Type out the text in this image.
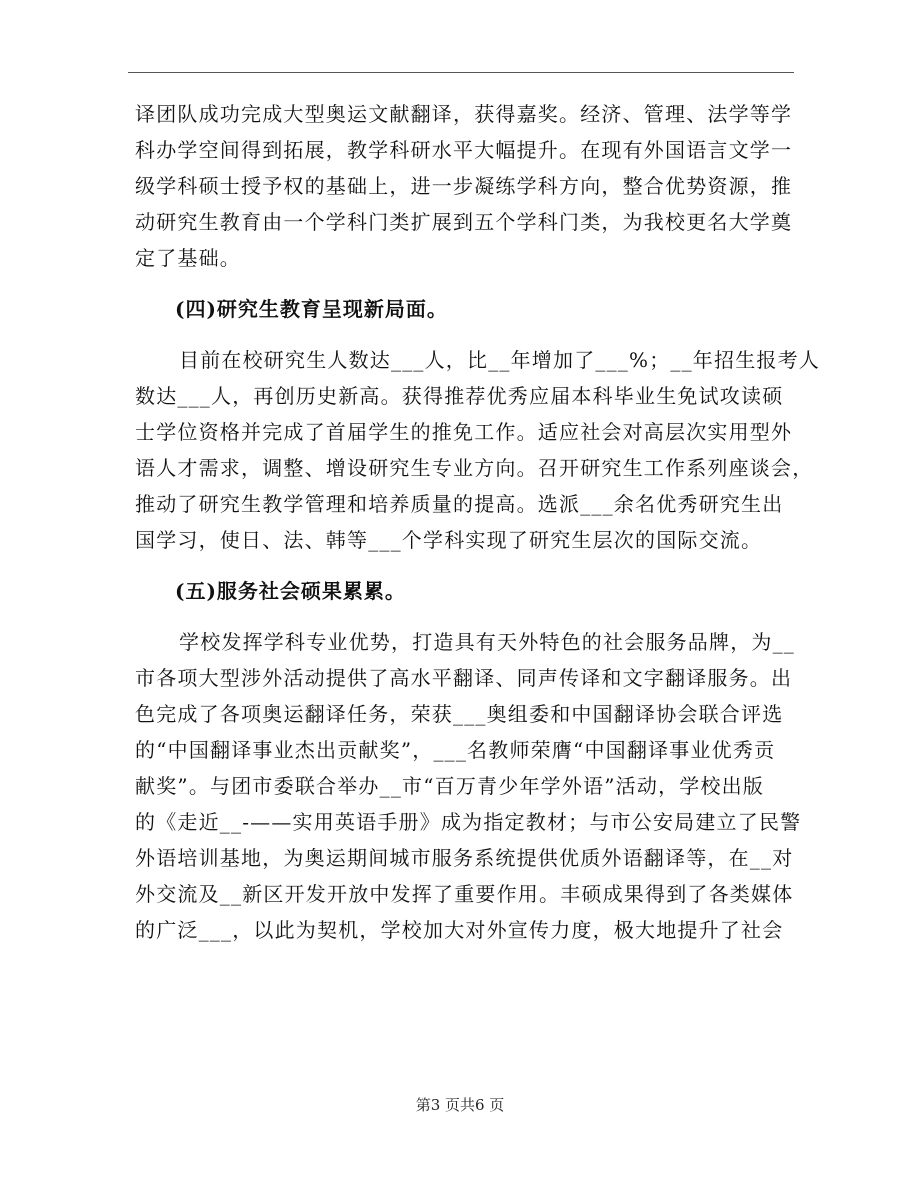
译团队成功完成大型奥运文献翻译，获得嘉奖。经济、管理、法学等学
科办学空间得到拓展，教学科研水平大幅提升。在现有外国语言文学一
级学科硕士授予权的基础上，进一步凝练学科方向，整合优势资源，推
动研究生教育由一个学科门类扩展到五个学科门类，为我校更名大学奠
定了基础。
(四)研究生教育呈现新局面。
目前在校研究生人数达___人，比__年增加了___%；__年招生报考人
数达___人，再创历史新高。获得推荐优秀应届本科毕业生免试攻读硕
士学位资格并完成了首届学生的推免工作。适应社会对高层次实用型外
语人才需求，调整、增设研究生专业方向。召开研究生工作系列座谈会，
推动了研究生教学管理和培养质量的提高。选派___余名优秀研究生出
国学习，使日、法、韩等___个学科实现了研究生层次的国际交流。
(五)服务社会硕果累累。
学校发挥学科专业优势，打造具有天外特色的社会服务品牌，为__
市各项大型涉外活动提供了高水平翻译、同声传译和文字翻译服务。出
色完成了各项奥运翻译任务，荣获___奥组委和中国翻译协会联合评选
的“中国翻译事业杰出贡献奖”，___名教师荣膺“中国翻译事业优秀贡
献奖”。与团市委联合举办__市“百万青少年学外语”活动，学校出版
的《走近__-——实用英语手册》成为指定教材；与市公安局建立了民警
外语培训基地，为奥运期间城市服务系统提供优质外语翻译等，在__对
外交流及__新区开发开放中发挥了重要作用。丰硕成果得到了各类媒体
的广泛___，以此为契机，学校加大对外宣传力度，极大地提升了社会
第3 页共6 页
